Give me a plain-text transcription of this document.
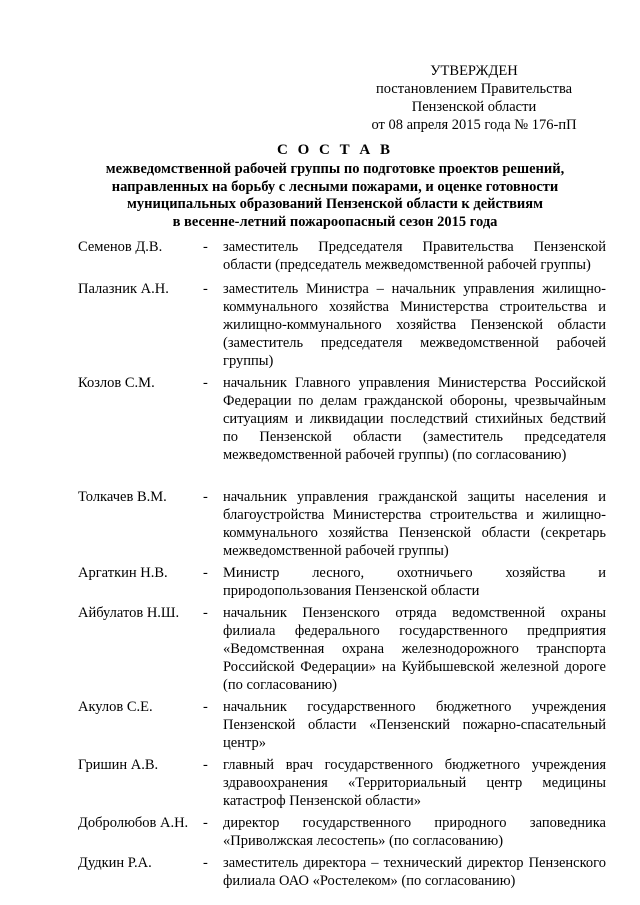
УТВЕРЖДЕН
постановлением Правительства
Пензенской области
от 08 апреля 2015 года № 176-пП
С О С Т А В
межведомственной рабочей группы по подготовке проектов решений,
направленных на борьбу с лесными пожарами, и оценке готовности
муниципальных образований Пензенской области к действиям
в весенне-летний пожароопасный сезон 2015 года
Семенов Д.В.	-	заместитель Председателя Правительства Пензенской области (председатель межведомственной рабочей группы)
Палазник А.Н.	-	заместитель Министра – начальник управления жилищно-коммунального хозяйства Министерства строительства и жилищно-коммунального хозяйства Пензенской области (заместитель председателя межведомственной рабочей группы)
Козлов С.М.	-	начальник Главного управления Министерства Российской Федерации по делам гражданской обороны, чрезвычайным ситуациям и ликвидации последствий стихийных бедствий по Пензенской области (заместитель председателя межведомственной рабочей группы) (по согласованию)
Толкачев В.М.	-	начальник управления гражданской защиты населения и благоустройства Министерства строительства и жилищно-коммунального хозяйства Пензенской области (секретарь межведомственной рабочей группы)
Аргаткин Н.В.	-	Министр лесного, охотничьего хозяйства и природопользования Пензенской области
Айбулатов Н.Ш.	-	начальник Пензенского отряда ведомственной охраны филиала федерального государственного предприятия «Ведомственная охрана железнодорожного транспорта Российской Федерации» на Куйбышевской железной дороге (по согласованию)
Акулов С.Е.	-	начальник государственного бюджетного учреждения Пензенской области «Пензенский пожарно-спасательный центр»
Гришин А.В.	-	главный врач государственного бюджетного учреждения здравоохранения «Территориальный центр медицины катастроф Пензенской области»
Добролюбов А.Н.	-	директор государственного природного заповедника «Приволжская лесостепь» (по согласованию)
Дудкин Р.А.	-	заместитель директора – технический директор Пензенского филиала ОАО «Ростелеком» (по согласованию)
